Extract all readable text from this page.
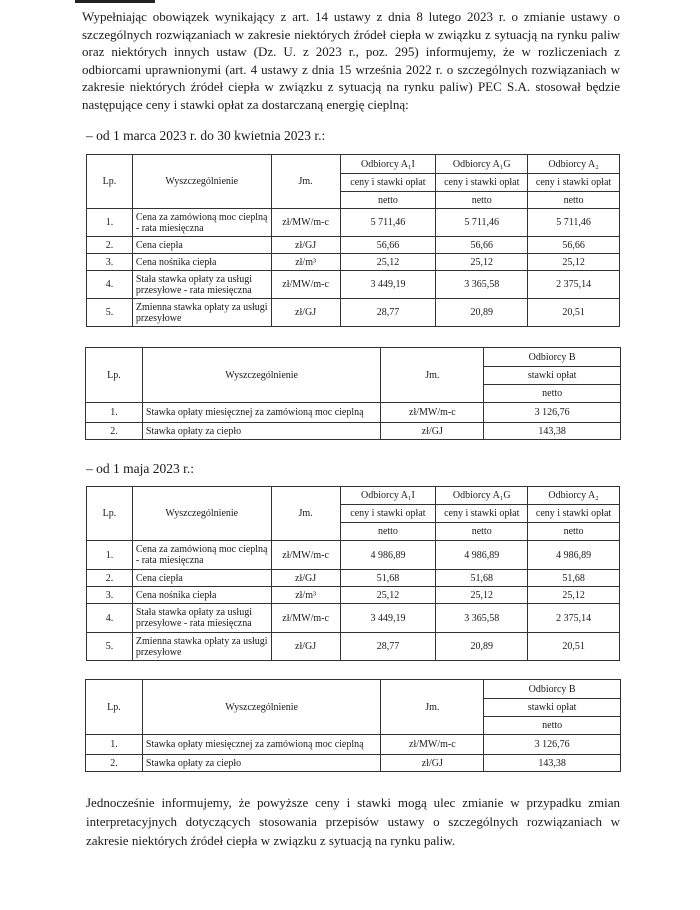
Wypełniając obowiązek wynikający z art. 14 ustawy z dnia 8 lutego 2023 r. o zmianie ustawy o szczególnych rozwiązaniach w zakresie niektórych źródeł ciepła w związku z sytuacją na rynku paliw oraz niektórych innych ustaw (Dz. U. z 2023 r., poz. 295) informujemy, że w rozliczeniach z odbiorcami uprawnionymi (art. 4 ustawy z dnia 15 września 2022 r. o szczególnych rozwiązaniach w zakresie niektórych źródeł ciepła w związku z sytuacją na rynku paliw) PEC S.A. stosował będzie następujące ceny i stawki opłat za dostarczaną energię cieplną:

– od 1 marca 2023 r. do 30 kwietnia 2023 r.:

Lp.	Wyszczególnienie	Jm.	Odbiorcy A₁I	Odbiorcy A₁G	Odbiorcy A₂
			ceny i stawki opłat	ceny i stawki opłat	ceny i stawki opłat
			netto	netto	netto
1.	Cena za zamówioną moc cieplną - rata miesięczna	zł/MW/m-c	5 711,46	5 711,46	5 711,46
2.	Cena ciepła	zł/GJ	56,66	56,66	56,66
3.	Cena nośnika ciepła	zł/m³	25,12	25,12	25,12
4.	Stała stawka opłaty za usługi przesyłowe - rata miesięczna	zł/MW/m-c	3 449,19	3 365,58	2 375,14
5.	Zmienna stawka opłaty za usługi przesyłowe	zł/GJ	28,77	20,89	20,51
Lp.	Wyszczególnienie	Jm.	Odbiorcy B
			stawki opłat
			netto
1.	Stawka opłaty miesięcznej za zamówioną moc cieplną	zł/MW/m-c	3 126,76
2.	Stawka opłaty za ciepło	zł/GJ	143,38

– od 1 maja 2023 r.:

Lp.	Wyszczególnienie	Jm.	Odbiorcy A₁I	Odbiorcy A₁G	Odbiorcy A₂
			ceny i stawki opłat	ceny i stawki opłat	ceny i stawki opłat
			netto	netto	netto
1.	Cena za zamówioną moc cieplną - rata miesięczna	zł/MW/m-c	4 986,89	4 986,89	4 986,89
2.	Cena ciepła	zł/GJ	51,68	51,68	51,68
3.	Cena nośnika ciepła	zł/m³	25,12	25,12	25,12
4.	Stała stawka opłaty za usługi przesyłowe - rata miesięczna	zł/MW/m-c	3 449,19	3 365,58	2 375,14
5.	Zmienna stawka opłaty za usługi przesyłowe	zł/GJ	28,77	20,89	20,51
Lp.	Wyszczególnienie	Jm.	Odbiorcy B
			stawki opłat
			netto
1.	Stawka opłaty miesięcznej za zamówioną moc cieplną	zł/MW/m-c	3 126,76
2.	Stawka opłaty za ciepło	zł/GJ	143,38

Jednocześnie informujemy, że powyższe ceny i stawki mogą ulec zmianie w przypadku zmian interpretacyjnych dotyczących stosowania przepisów ustawy o szczególnych rozwiązaniach w zakresie niektórych źródeł ciepła w związku z sytuacją na rynku paliw.
